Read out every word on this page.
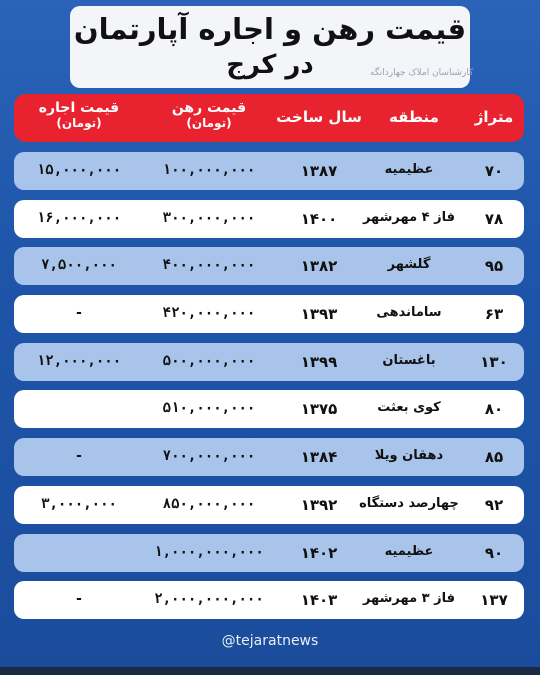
قیمت رهن و اجاره آپارتمان
در کرج	کارشناسان املاک جهاردانگه
متراژ
منطقه
سال ساخت
قیمت رهن
(تومان)
قیمت اجاره
(تومان)
۷۰
عظیمیه
۱۳۸۷
۱۰۰,۰۰۰,۰۰۰
۱۵,۰۰۰,۰۰۰
۷۸
فاز ۴ مهرشهر
۱۴۰۰
۳۰۰,۰۰۰,۰۰۰
۱۶,۰۰۰,۰۰۰
۹۵
گلشهر
۱۳۸۲
۴۰۰,۰۰۰,۰۰۰
۷,۵۰۰,۰۰۰
۶۳
ساماندهی
۱۳۹۳
۴۲۰,۰۰۰,۰۰۰
-
۱۳۰
باغستان
۱۳۹۹
۵۰۰,۰۰۰,۰۰۰
۱۲,۰۰۰,۰۰۰
۸۰
کوی بعثت
۱۳۷۵
۵۱۰,۰۰۰,۰۰۰
۸۵
دهقان ویلا
۱۳۸۴
۷۰۰,۰۰۰,۰۰۰
-
۹۲
چهارصد دستگاه
۱۳۹۲
۸۵۰,۰۰۰,۰۰۰
۳,۰۰۰,۰۰۰
۹۰
عظیمیه
۱۴۰۲
۱,۰۰۰,۰۰۰,۰۰۰
۱۳۷
فاز ۳ مهرشهر
۱۴۰۳
۲,۰۰۰,۰۰۰,۰۰۰
-
@tejaratnews
